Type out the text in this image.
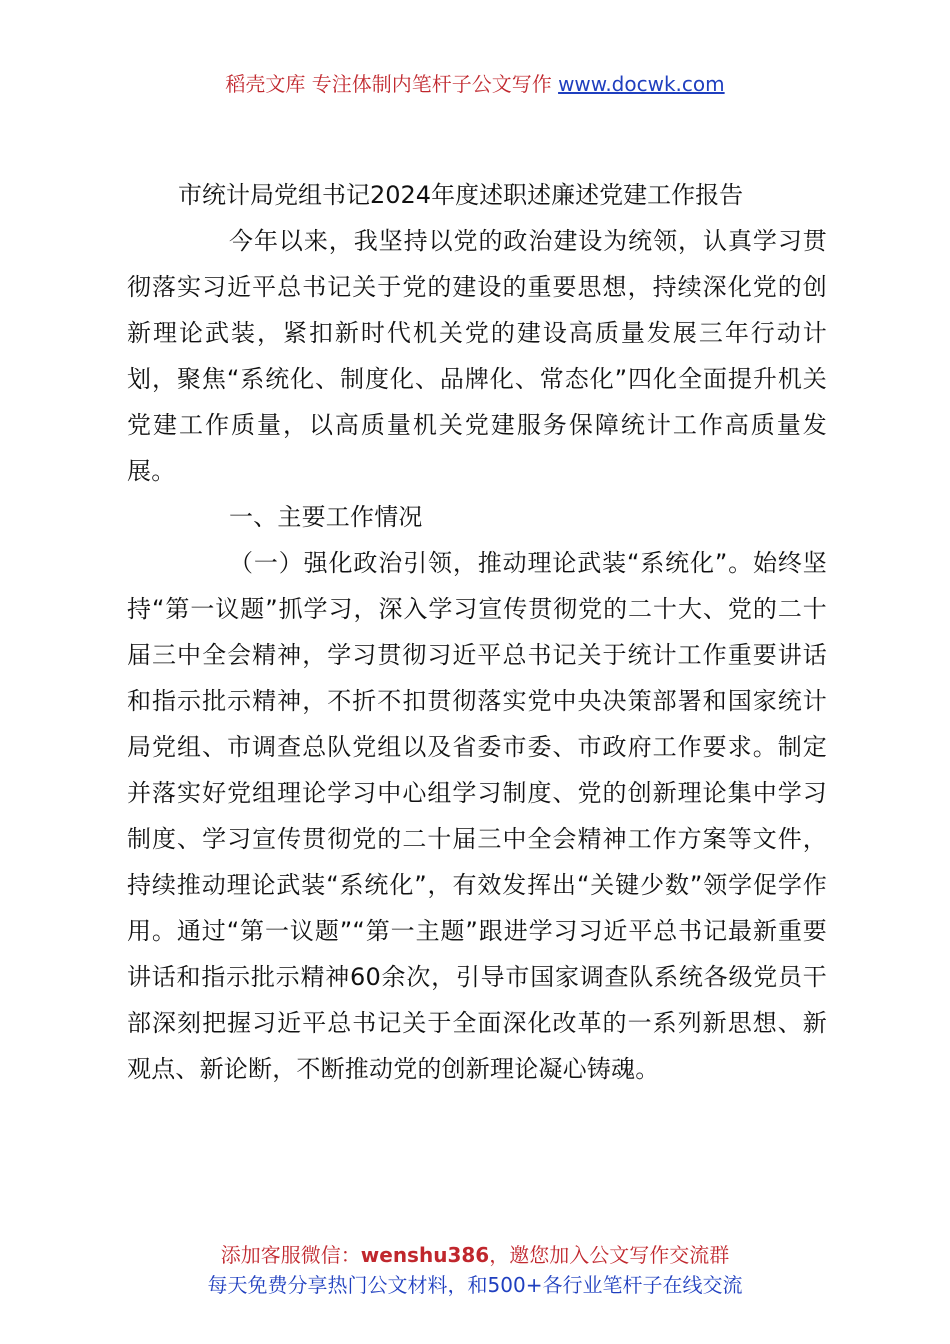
稻壳文库 专注体制内笔杆子公文写作 www.docwk.com
市统计局党组书记2024年度述职述廉述党建工作报告

今年以来，我坚持以党的政治建设为统领，认真学习贯彻落实习近平总书记关于党的建设的重要思想，持续深化党的创新理论武装，紧扣新时代机关党的建设高质量发展三年行动计划，聚焦“系统化、制度化、品牌化、常态化”四化全面提升机关党建工作质量，以高质量机关党建服务保障统计工作高质量发展。

一、主要工作情况

（一）强化政治引领，推动理论武装“系统化”。始终坚持“第一议题”抓学习，深入学习宣传贯彻党的二十大、党的二十届三中全会精神，学习贯彻习近平总书记关于统计工作重要讲话和指示批示精神，不折不扣贯彻落实党中央决策部署和国家统计局党组、市调查总队党组以及省委市委、市政府工作要求。制定并落实好党组理论学习中心组学习制度、党的创新理论集中学习制度、学习宣传贯彻党的二十届三中全会精神工作方案等文件，持续推动理论武装“系统化”，有效发挥出“关键少数”领学促学作用。通过“第一议题”“第一主题”跟进学习习近平总书记最新重要讲话和指示批示精神60余次，引导市国家调查队系统各级党员干部深刻把握习近平总书记关于全面深化改革的一系列新思想、新观点、新论断，不断推动党的创新理论凝心铸魂。

添加客服微信：wenshu386，邀您加入公文写作交流群
每天免费分享热门公文材料，和500+各行业笔杆子在线交流
